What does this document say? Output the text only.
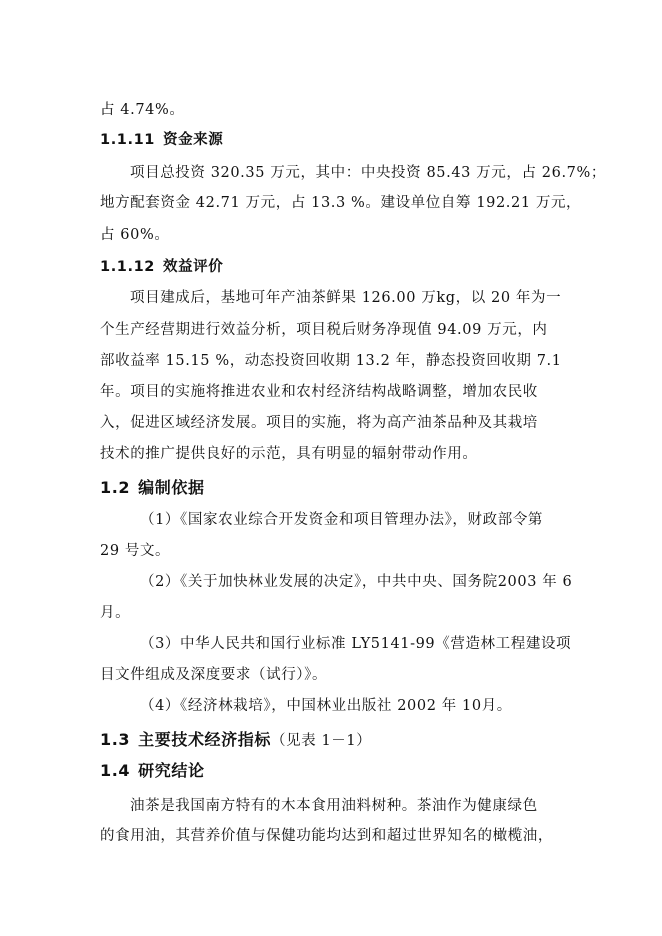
占 4.74%。
1.1.11 资金来源
项目总投资 320.35 万元，其中：中央投资 85.43 万元，占 26.7%；
地方配套资金 42.71 万元，占 13.3 %。建设单位自筹 192.21 万元，
占 60%。
1.1.12 效益评价
项目建成后，基地可年产油茶鲜果 126.00 万kg，以 20 年为一
个生产经营期进行效益分析，项目税后财务净现值 94.09 万元，内
部收益率 15.15 %，动态投资回收期 13.2 年，静态投资回收期 7.1
年。项目的实施将推进农业和农村经济结构战略调整，增加农民收
入，促进区域经济发展。项目的实施，将为高产油茶品种及其栽培
技术的推广提供良好的示范，具有明显的辐射带动作用。
1.2 编制依据
（1）《国家农业综合开发资金和项目管理办法》，财政部令第
29 号文。
（2）《关于加快林业发展的决定》，中共中央、国务院2003 年 6
月。
（3）中华人民共和国行业标准 LY5141-99《营造林工程建设项
目文件组成及深度要求（试行）》。
（4）《经济林栽培》，中国林业出版社 2002 年 10月。
1.3 主要技术经济指标（见表 1－1）
1.4 研究结论
油茶是我国南方特有的木本食用油料树种。茶油作为健康绿色
的食用油，其营养价值与保健功能均达到和超过世界知名的橄榄油，
